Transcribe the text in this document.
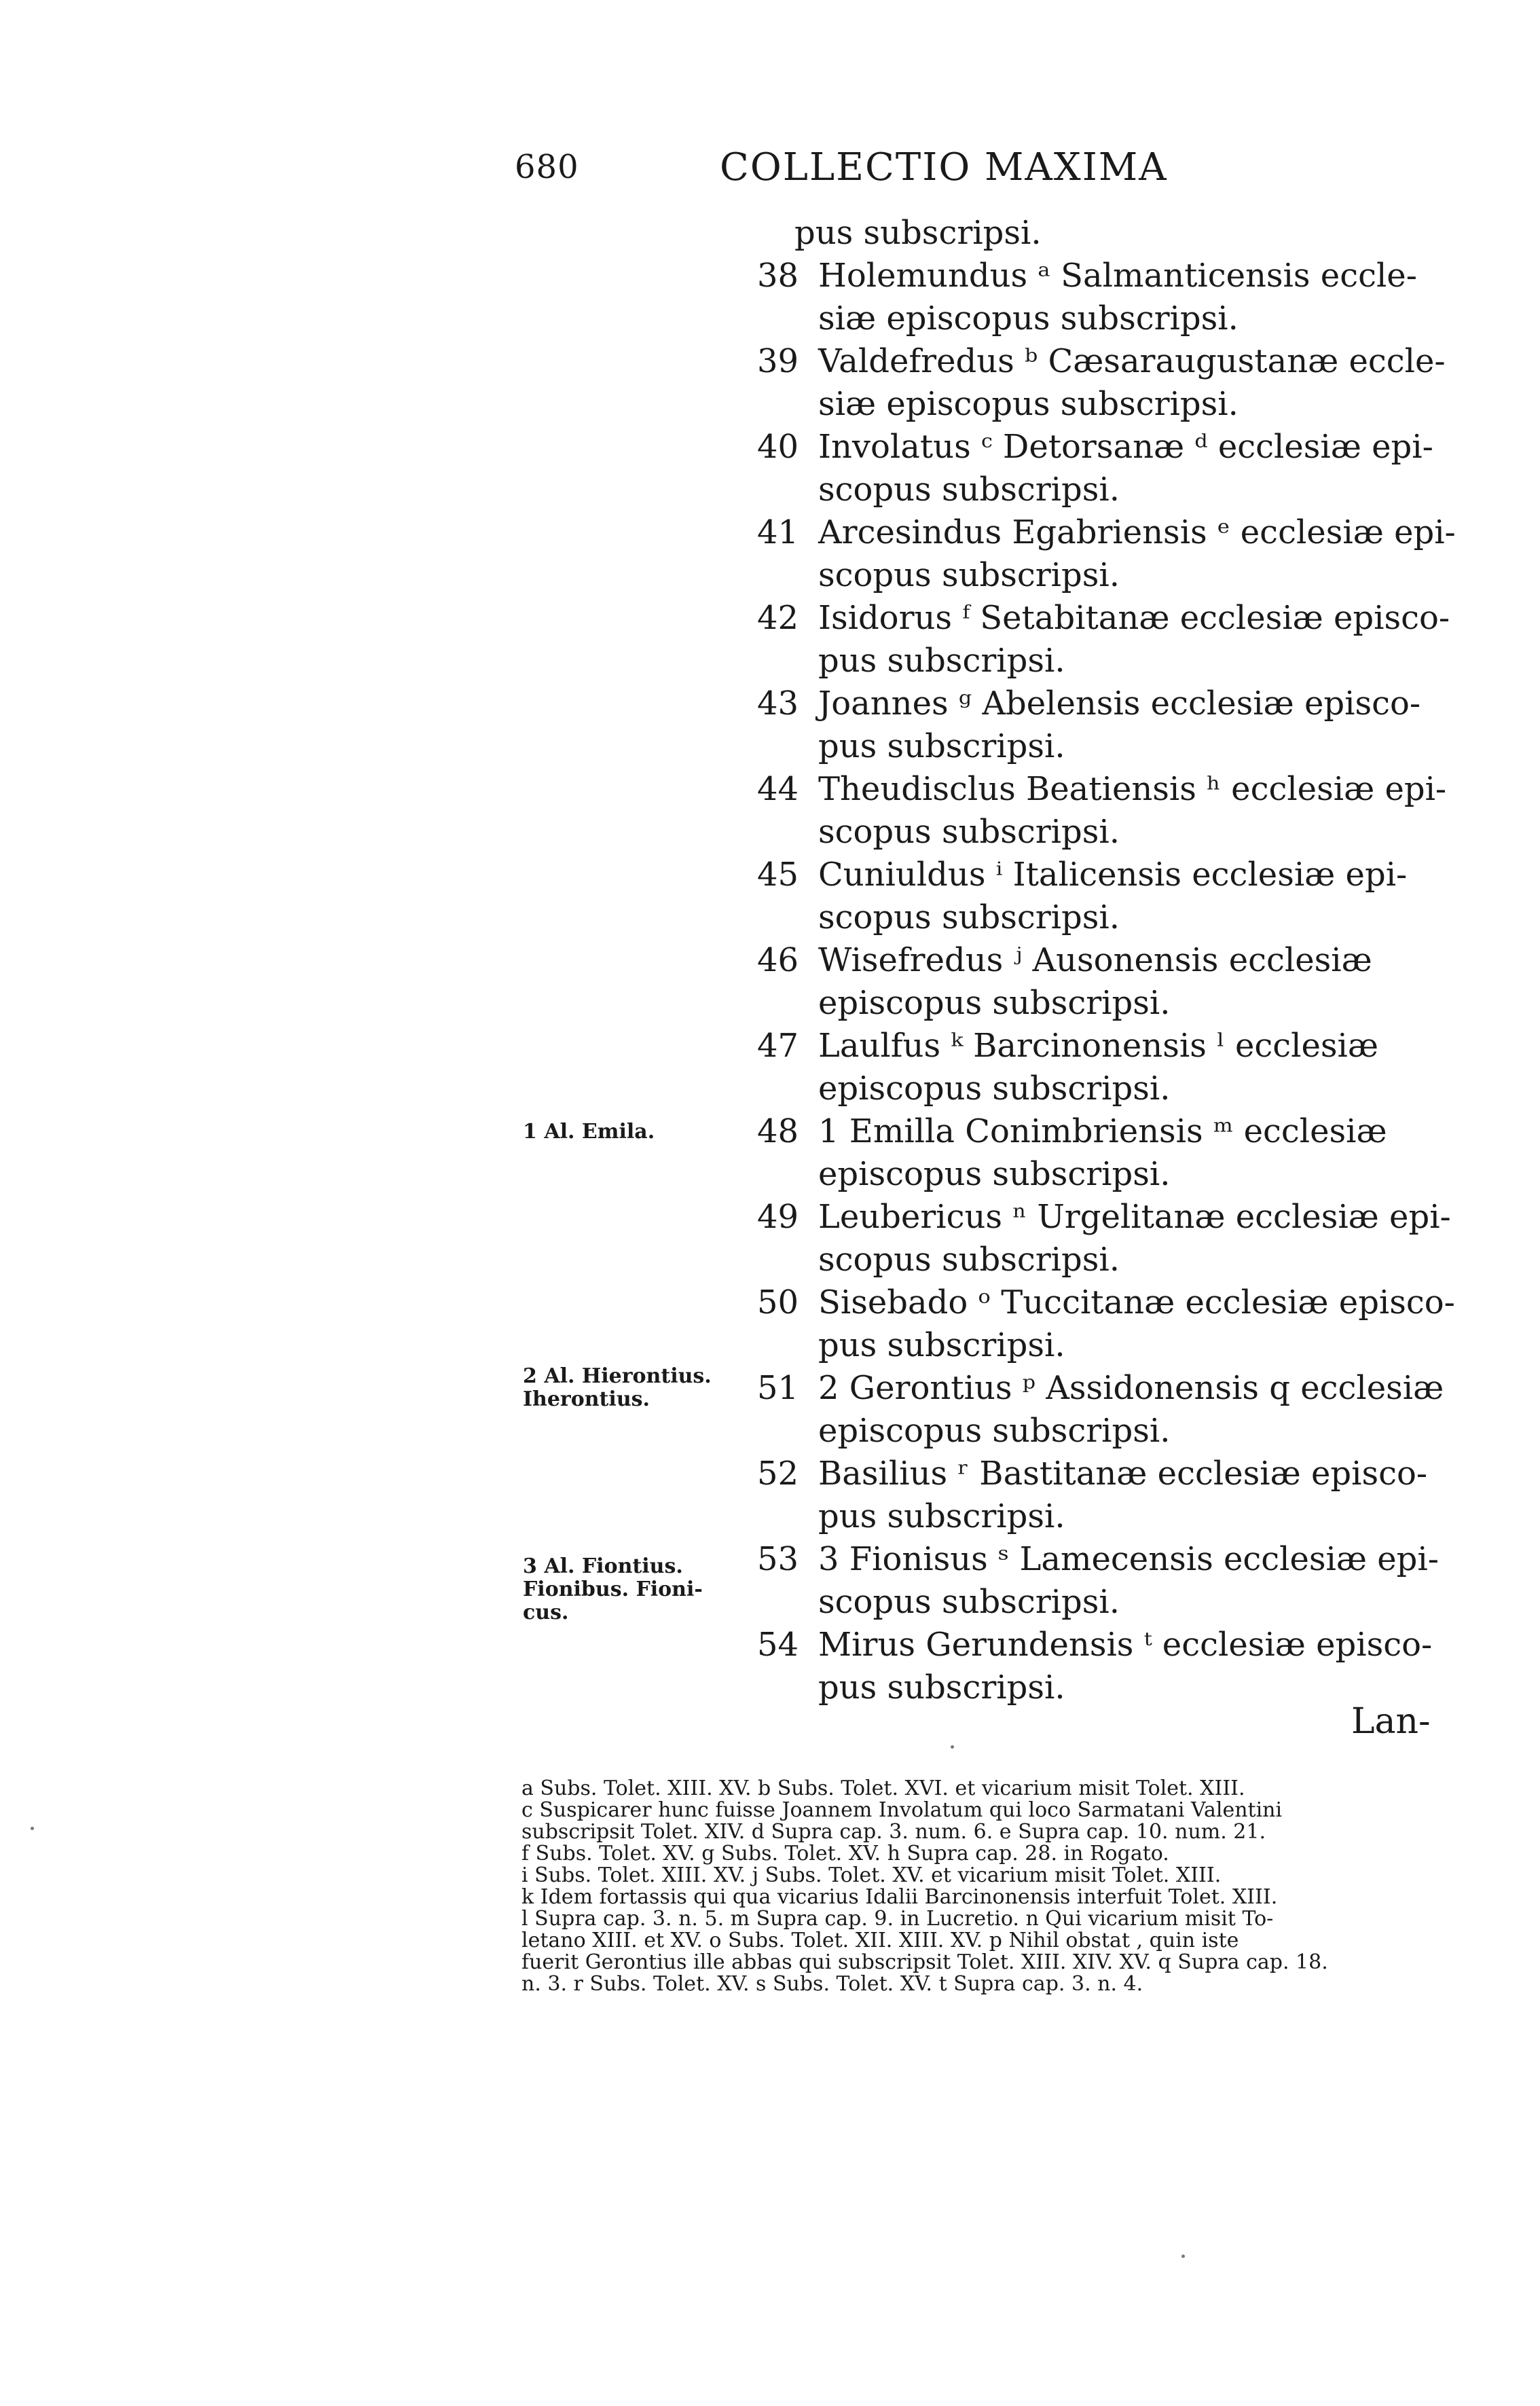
680	COLLECTIO MAXIMA
pus subscripsi.
38 Holemundus ᵃ Salmanticensis eccle-siæ episcopus subscripsi.
39 Valdefredus ᵇ Cæsaraugustanæ eccle-siæ episcopus subscripsi.
40 Involatus ᶜ Detorsanæ ᵈ ecclesiæ epi-scopus subscripsi.
41 Arcesindus Egabriensis ᵉ ecclesiæ epi-scopus subscripsi.
42 Isidorus ᶠ Setabitanæ ecclesiæ episco-pus subscripsi.
43 Joannes ᵍ Abelensis ecclesiæ episco-pus subscripsi.
44 Theudisclus Beatiensis ʰ ecclesiæ epi-scopus subscripsi.
45 Cuniuldus ⁱ Italicensis ecclesiæ epi-scopus subscripsi.
46 Wisefredus ʲ Ausonensis ecclesiæ episcopus subscripsi.
47 Laulfus ᵏ Barcinonensis ˡ ecclesiæ episcopus subscripsi.
48 1 Emilla Conimbriensis ᵐ ecclesiæ episcopus subscripsi.
49 Leubericus ⁿ Urgelitanæ ecclesiæ epi-scopus subscripsi.
50 Sisebado ᵒ Tuccitanæ ecclesiæ episco-pus subscripsi.
51 2 Gerontius ᵖ Assidonensis q ecclesiæ episcopus subscripsi.
52 Basilius ʳ Bastitanæ ecclesiæ episco-pus subscripsi.
53 3 Fionisus ˢ Lamecensis ecclesiæ epi-scopus subscripsi.
54 Mirus Gerundensis ᵗ ecclesiæ episco-pus subscripsi.
Lan-
1 Al. Emila.
2 Al. Hierontius. Iherontius.
3 Al. Fiontius. Fionibus. Fioni-cus.
a Subs. Tolet. XIII. XV. b Subs. Tolet. XVI. et vicarium misit Tolet. XIII.
c Suspicarer hunc fuisse Joannem Involatum qui loco Sarmatani Valentini
subscripsit Tolet. XIV. d Supra cap. 3. num. 6. e Supra cap. 10. num. 21.
f Subs. Tolet. XV. g Subs. Tolet. XV. h Supra cap. 28. in Rogato.
i Subs. Tolet. XIII. XV. j Subs. Tolet. XV. et vicarium misit Tolet. XIII.
k Idem fortassis qui qua vicarius Idalii Barcinonensis interfuit Tolet. XIII.
l Supra cap. 3. n. 5. m Supra cap. 9. in Lucretio. n Qui vicarium misit To-
letano XIII. et XV. o Subs. Tolet. XII. XIII. XV. p Nihil obstat , quin iste
fuerit Gerontius ille abbas qui subscripsit Tolet. XIII. XIV. XV. q Supra cap. 18.
n. 3. r Subs. Tolet. XV. s Subs. Tolet. XV. t Supra cap. 3. n. 4.
